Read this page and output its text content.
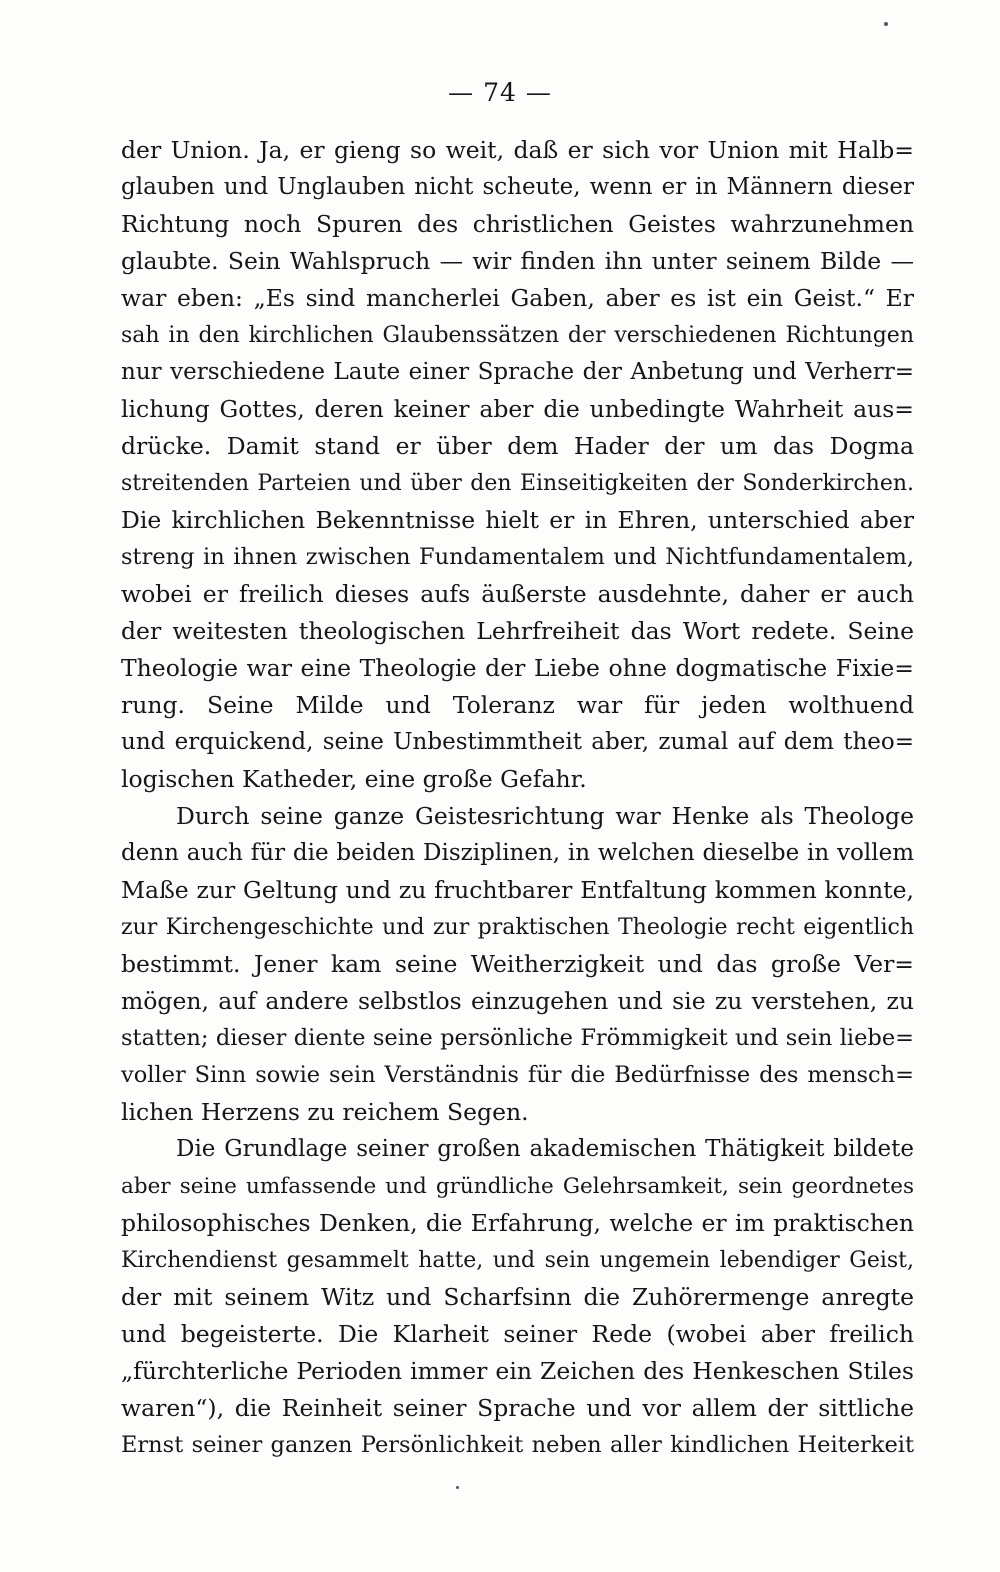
— 74 —
der Union. Ja, er gieng so weit, daß er sich vor Union mit Halb=
glauben und Unglauben nicht scheute, wenn er in Männern dieser
Richtung noch Spuren des christlichen Geistes wahrzunehmen
glaubte. Sein Wahlspruch — wir finden ihn unter seinem Bilde —
war eben: „Es sind mancherlei Gaben, aber es ist ein Geist.“ Er
sah in den kirchlichen Glaubenssätzen der verschiedenen Richtungen
nur verschiedene Laute einer Sprache der Anbetung und Verherr=
lichung Gottes, deren keiner aber die unbedingte Wahrheit aus=
drücke. Damit stand er über dem Hader der um das Dogma
streitenden Parteien und über den Einseitigkeiten der Sonderkirchen.
Die kirchlichen Bekenntnisse hielt er in Ehren, unterschied aber
streng in ihnen zwischen Fundamentalem und Nichtfundamentalem,
wobei er freilich dieses aufs äußerste ausdehnte, daher er auch
der weitesten theologischen Lehrfreiheit das Wort redete. Seine
Theologie war eine Theologie der Liebe ohne dogmatische Fixie=
rung. Seine Milde und Toleranz war für jeden wolthuend
und erquickend, seine Unbestimmtheit aber, zumal auf dem theo=
logischen Katheder, eine große Gefahr.
Durch seine ganze Geistesrichtung war Henke als Theologe
denn auch für die beiden Disziplinen, in welchen dieselbe in vollem
Maße zur Geltung und zu fruchtbarer Entfaltung kommen konnte,
zur Kirchengeschichte und zur praktischen Theologie recht eigentlich
bestimmt. Jener kam seine Weitherzigkeit und das große Ver=
mögen, auf andere selbstlos einzugehen und sie zu verstehen, zu
statten; dieser diente seine persönliche Frömmigkeit und sein liebe=
voller Sinn sowie sein Verständnis für die Bedürfnisse des mensch=
lichen Herzens zu reichem Segen.
Die Grundlage seiner großen akademischen Thätigkeit bildete
aber seine umfassende und gründliche Gelehrsamkeit, sein geordnetes
philosophisches Denken, die Erfahrung, welche er im praktischen
Kirchendienst gesammelt hatte, und sein ungemein lebendiger Geist,
der mit seinem Witz und Scharfsinn die Zuhörermenge anregte
und begeisterte. Die Klarheit seiner Rede (wobei aber freilich
„fürchterliche Perioden immer ein Zeichen des Henkeschen Stiles
waren“), die Reinheit seiner Sprache und vor allem der sittliche
Ernst seiner ganzen Persönlichkeit neben aller kindlichen Heiterkeit
